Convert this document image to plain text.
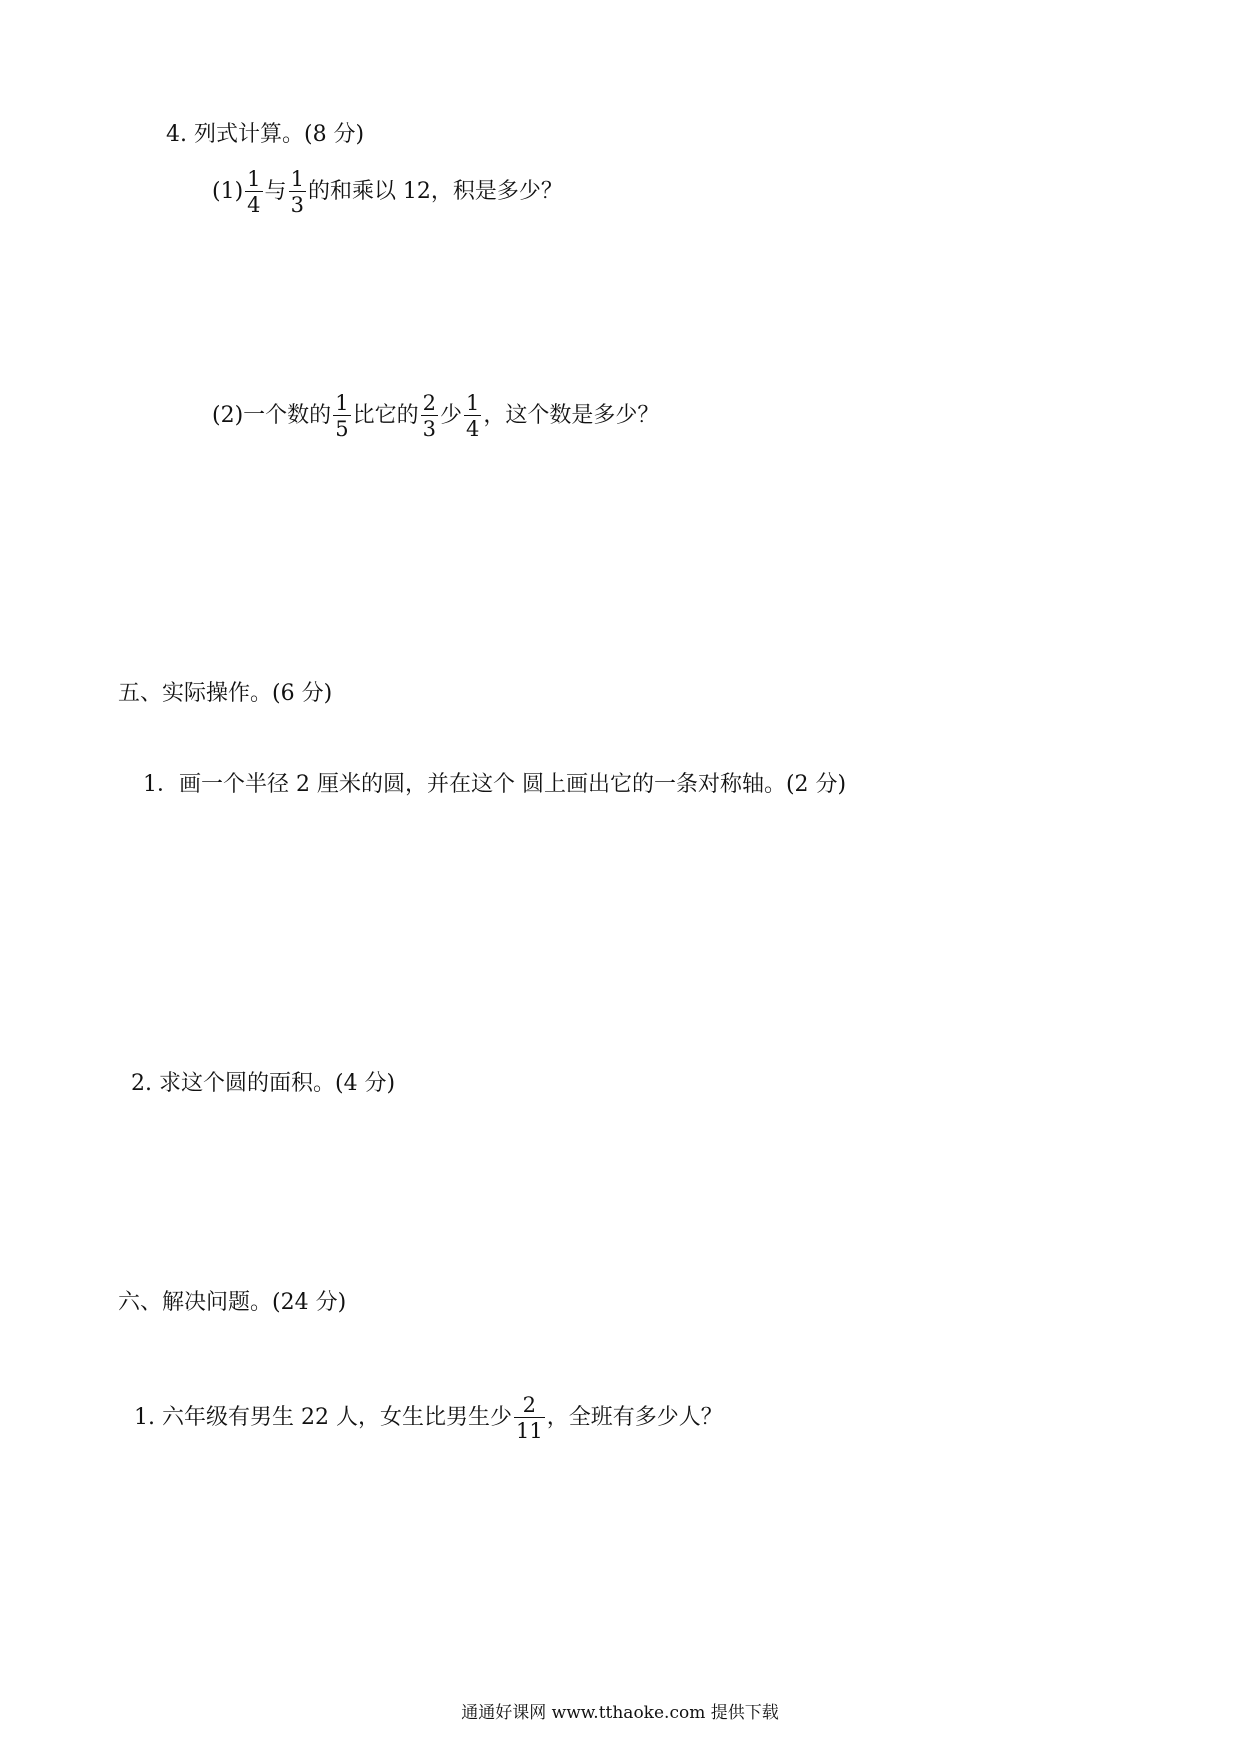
4. 列式计算。(8 分)
$(1) \frac{1}{4}$ 与 $\frac{1}{3}$ 的和乘以 12，积是多少？
(2)一个数的 $\frac{1}{5}$ 比它的 $\frac{2}{3}$ 少 $\frac{1}{4}$ ，这个数是多少？
五、实际操作。(6 分)
1．画一个半径 2 厘米的圆，并在这个 圆上画出它的一条对称轴。(2 分)
2. 求这个圆的面积。(4 分)
六、解决问题。(24 分)
1. 六年级有男生 22 人，女生比男生少 $\frac{2}{11}$ ，全班有多少人？
通通好课网 www.tthaoke.com 提供下载
